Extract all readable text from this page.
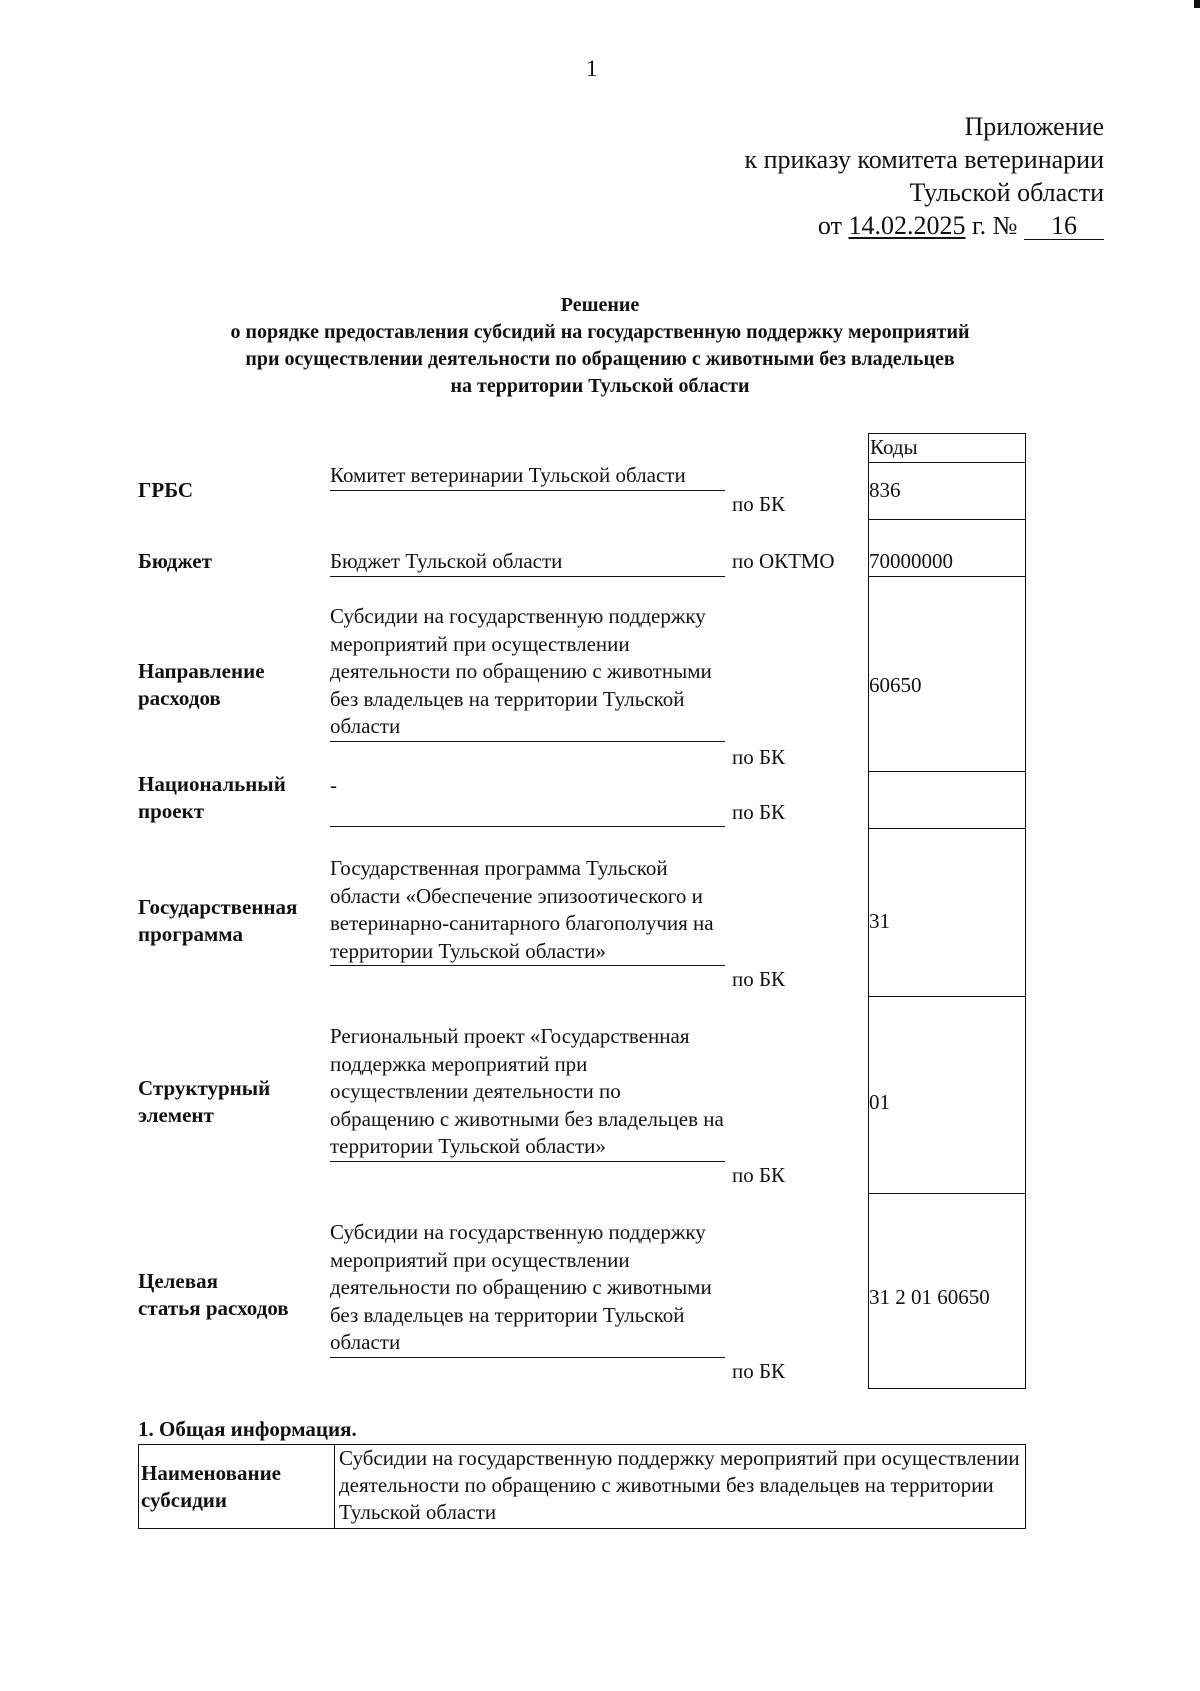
1
Приложение
к приказу комитета ветеринарии
Тульской области
от 14.02.2025 г. № 16
Решение
о порядке предоставления субсидий на государственную поддержку мероприятий
при осуществлении деятельности по обращению с животными без владельцев
на территории Тульской области
Коды
ГРБС
Комитет ветеринарии Тульской области
по БК
836
Бюджет	Бюджет Тульской области	по ОКТМО 70000000
Направление
расходов
Субсидии на государственную поддержку мероприятий при осуществлении деятельности по обращению с животными без владельцев на территории Тульской области
по БК
60650
Национальный
проект
-
по БК
Государственная
программа
Государственная программа Тульской области «Обеспечение эпизоотического и ветеринарно-санитарного благополучия на территории Тульской области»
по БК
31
Структурный
элемент
Региональный проект «Государственная поддержка мероприятий при осуществлении деятельности по обращению с животными без владельцев на территории Тульской области»
по БК
01
Целевая
статья расходов
Субсидии на государственную поддержку мероприятий при осуществлении деятельности по обращению с животными без владельцев на территории Тульской области
по БК
31 2 01 60650
1. Общая информация.
Наименование субсидии
Субсидии на государственную поддержку мероприятий при осуществлении деятельности по обращению с животными без владельцев на территории Тульской области
